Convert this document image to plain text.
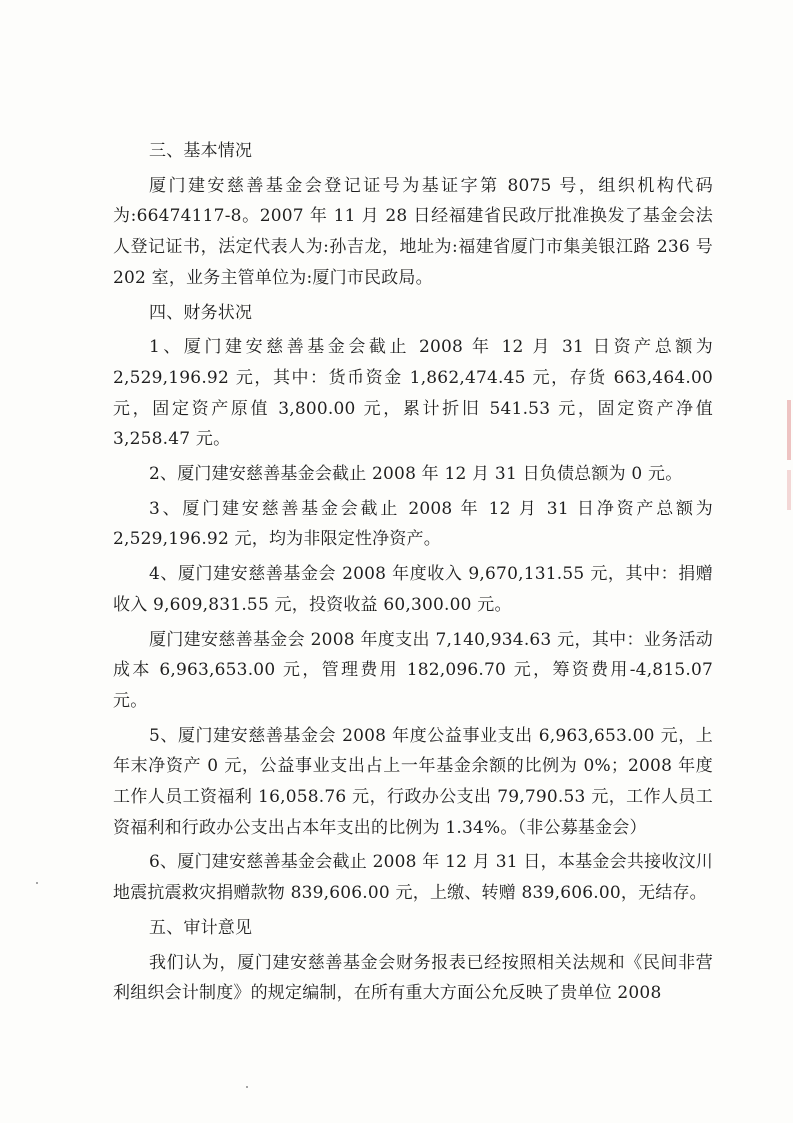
三、基本情况

厦门建安慈善基金会登记证号为基证字第 8075 号，组织机构代码为:66474117-8。2007 年 11 月 28 日经福建省民政厅批准换发了基金会法人登记证书，法定代表人为:孙吉龙，地址为:福建省厦门市集美银江路 236 号 202 室，业务主管单位为:厦门市民政局。

四、财务状况

1、厦门建安慈善基金会截止 2008 年 12 月 31 日资产总额为 2,529,196.92 元，其中：货币资金 1,862,474.45 元，存货 663,464.00 元，固定资产原值 3,800.00 元，累计折旧 541.53 元，固定资产净值 3,258.47 元。

2、厦门建安慈善基金会截止 2008 年 12 月 31 日负债总额为 0 元。

3、厦门建安慈善基金会截止 2008 年 12 月 31 日净资产总额为 2,529,196.92 元，均为非限定性净资产。

4、厦门建安慈善基金会 2008 年度收入 9,670,131.55 元，其中：捐赠收入 9,609,831.55 元，投资收益 60,300.00 元。

厦门建安慈善基金会 2008 年度支出 7,140,934.63 元，其中：业务活动成本 6,963,653.00 元，管理费用 182,096.70 元，筹资费用-4,815.07 元。

5、厦门建安慈善基金会 2008 年度公益事业支出 6,963,653.00 元，上年末净资产 0 元，公益事业支出占上一年基金余额的比例为 0%；2008 年度工作人员工资福利 16,058.76 元，行政办公支出 79,790.53 元，工作人员工资福利和行政办公支出占本年支出的比例为 1.34%。（非公募基金会）

6、厦门建安慈善基金会截止 2008 年 12 月 31 日，本基金会共接收汶川地震抗震救灾捐赠款物 839,606.00 元，上缴、转赠 839,606.00，无结存。

五、审计意见

我们认为，厦门建安慈善基金会财务报表已经按照相关法规和《民间非营利组织会计制度》的规定编制，在所有重大方面公允反映了贵单位 2008
